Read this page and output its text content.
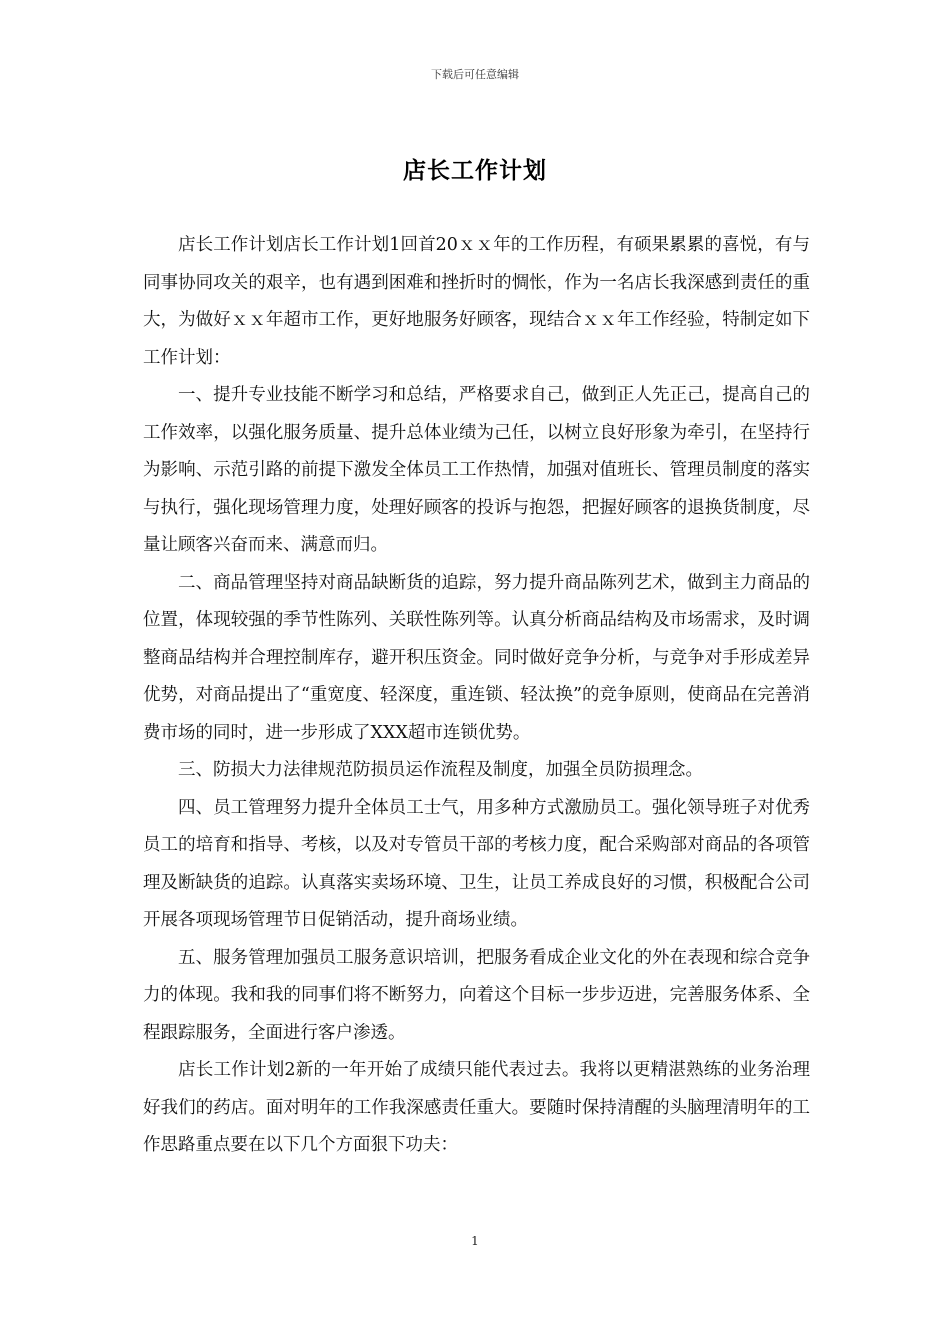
下载后可任意编辑
店长工作计划

店长工作计划店长工作计划1回首20ｘｘ年的工作历程，有硕果累累的喜悦，有与同事协同攻关的艰辛，也有遇到困难和挫折时的惆怅，作为一名店长我深感到责任的重大，为做好ｘｘ年超市工作，更好地服务好顾客，现结合ｘｘ年工作经验，特制定如下工作计划：

一、提升专业技能不断学习和总结，严格要求自己，做到正人先正己，提高自己的工作效率，以强化服务质量、提升总体业绩为己任，以树立良好形象为牵引，在坚持行为影响、示范引路的前提下激发全体员工工作热情，加强对值班长、管理员制度的落实与执行，强化现场管理力度，处理好顾客的投诉与抱怨，把握好顾客的退换货制度，尽量让顾客兴奋而来、满意而归。

二、商品管理坚持对商品缺断货的追踪，努力提升商品陈列艺术，做到主力商品的位置，体现较强的季节性陈列、关联性陈列等。认真分析商品结构及市场需求，及时调整商品结构并合理控制库存，避开积压资金。同时做好竞争分析，与竞争对手形成差异优势，对商品提出了“重宽度、轻深度，重连锁、轻汰换”的竞争原则，使商品在完善消费市场的同时，进一步形成了XXX超市连锁优势。

三、防损大力法律规范防损员运作流程及制度，加强全员防损理念。

四、员工管理努力提升全体员工士气，用多种方式激励员工。强化领导班子对优秀员工的培育和指导、考核，以及对专管员干部的考核力度，配合采购部对商品的各项管理及断缺货的追踪。认真落实卖场环境、卫生，让员工养成良好的习惯，积极配合公司开展各项现场管理节日促销活动，提升商场业绩。

五、服务管理加强员工服务意识培训，把服务看成企业文化的外在表现和综合竞争力的体现。我和我的同事们将不断努力，向着这个目标一步步迈进，完善服务体系、全程跟踪服务，全面进行客户渗透。

店长工作计划2新的一年开始了成绩只能代表过去。我将以更精湛熟练的业务治理好我们的药店。面对明年的工作我深感责任重大。要随时保持清醒的头脑理清明年的工作思路重点要在以下几个方面狠下功夫：

1
